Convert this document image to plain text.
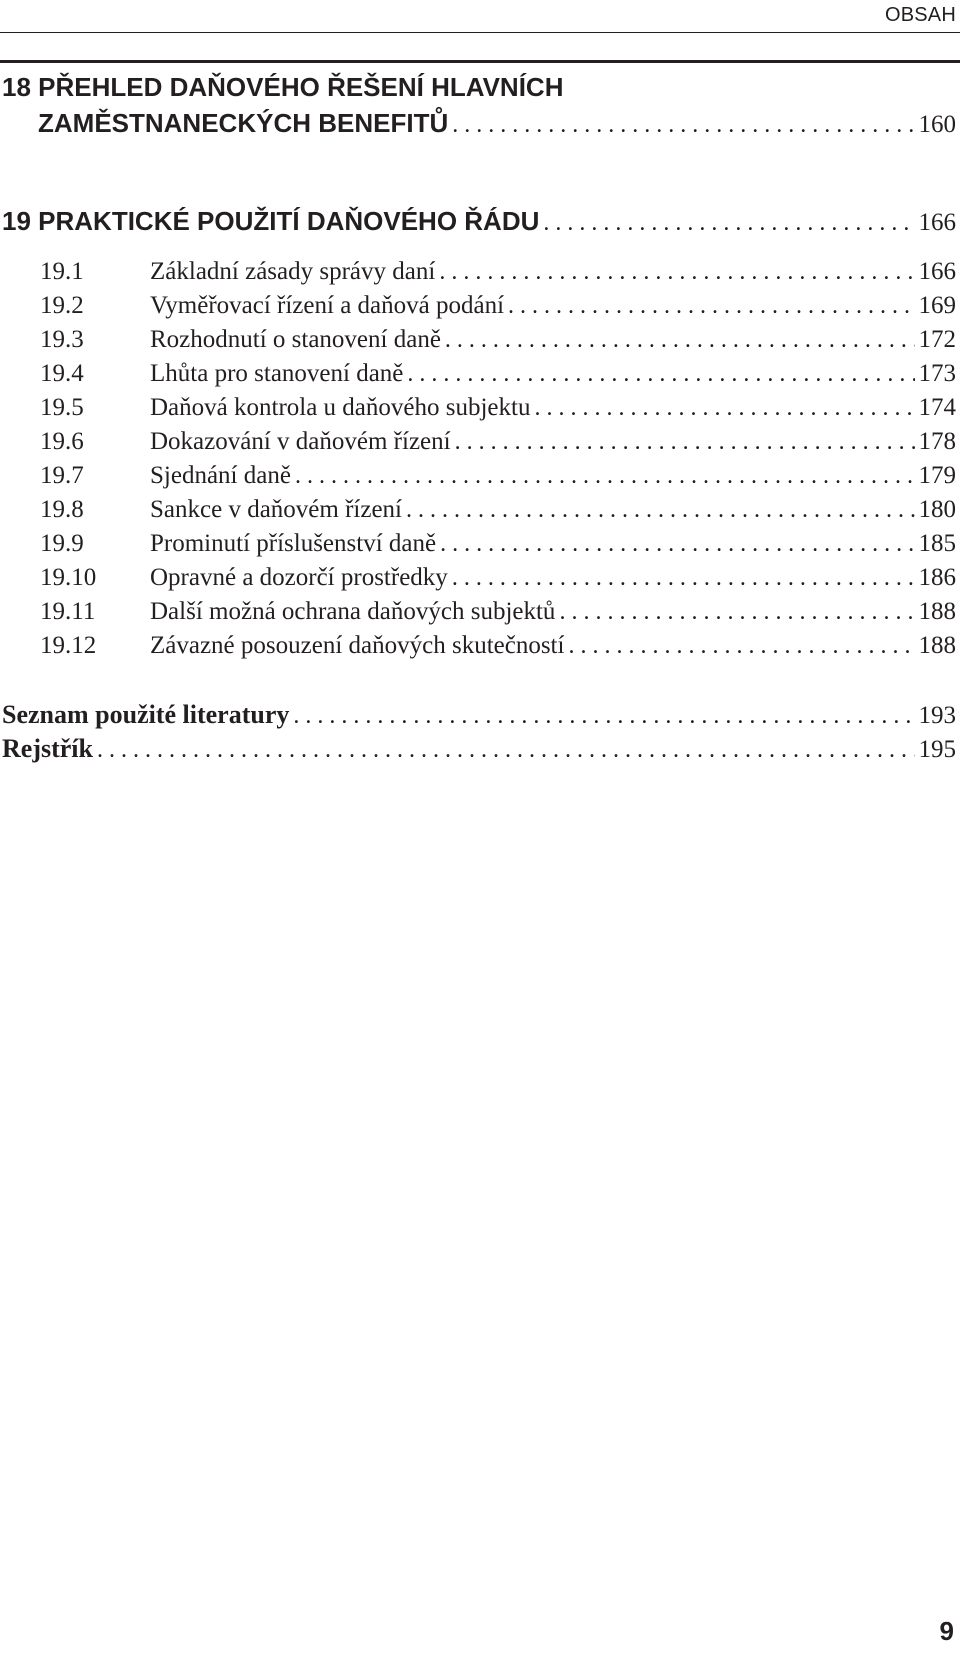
OBSAH
18 PŘEHLED DAŇOVÉHO ŘEŠENÍ HLAVNÍCH
ZAMĚSTNANECKÝCH BENEFITŮ . . .	160
19 PRAKTICKÉ POUŽITÍ DAŇOVÉHO ŘÁDU . . .	166
19.1	Základní zásady správy daní . . .	166
19.2	Vyměřovací řízení a daňová podání . . .	169
19.3	Rozhodnutí o stanovení daně . . .	172
19.4	Lhůta pro stanovení daně . . .	173
19.5	Daňová kontrola u daňového subjektu . . .	174
19.6	Dokazování v daňovém řízení . . .	178
19.7	Sjednání daně . . .	179
19.8	Sankce v daňovém řízení . . .	180
19.9	Prominutí příslušenství daně . . .	185
19.10	Opravné a dozorčí prostředky . . .	186
19.11	Další možná ochrana daňových subjektů . . .	188
19.12	Závazné posouzení daňových skutečností . . .	188
Seznam použité literatury . . .	193
Rejstřík . . .	195
9
